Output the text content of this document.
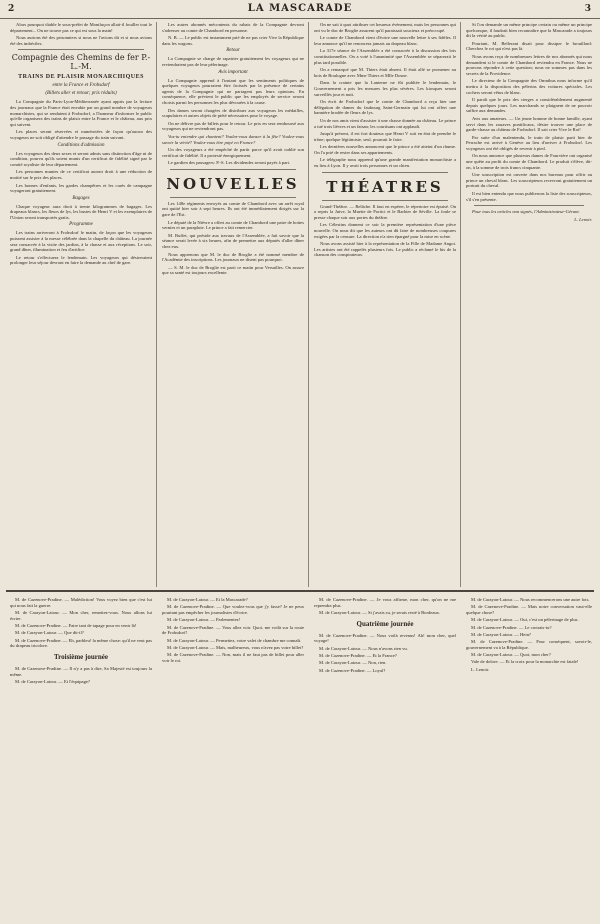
2	LA MASCARADE	3

Alors pourquoi diable le sous-préfet de Montluçon allait-il fouiller tout le département... On ne trouve pas ce qui est sous la main!

Nous aurions été des prisonniers si nous ne l'avions dit et si nous avions été des imbéciles.

Compagnie des Chemins de fer P.-L.-M.
TRAINS DE PLAISIR MONARCHIQUES
entre la France et Frohsdorf
(Billets aller et retour; prix réduits)

La Compagnie du Paris-Lyon-Méditerranée ayant appris par la lecture des journaux que la France était envahie par un grand nombre de voyageurs monarchistes, qui se rendaient à Frohsdorf, a l'honneur d'informer le public qu'elle organisera des trains de plaisir entre la France et le château, aux prix qui suivent.

Les places seront réservées et numérotées de façon qu'aucun des voyageurs ne soit obligé d'attendre le passage du train suivant.

Conditions d'admission

Les voyageurs des deux sexes et seront admis sans distinction d'âge ni de condition, pourvu qu'ils soient munis d'un certificat de fidélité signé par le comité royaliste de leur département.

Les personnes munies de ce certificat auront droit à une réduction de moitié sur le prix des places.

Les bonnes d'enfants, les gardes champêtres et les curés de campagne voyageront gratuitement.

Bagages

Chaque voyageur aura droit à trente kilogrammes de bagages. Les drapeaux blancs, les fleurs de lys, les bustes de Henri V et les exemplaires de l'Union seront transportés gratis.

Programme

Les trains arriveront à Frohsdorf le matin, de façon que les voyageurs puissent assister à la messe célébrée dans la chapelle du château. La journée sera consacrée à la visite des jardins, à la chasse et aux réceptions. Le soir, grand dîner, illumination et feu d'artifice.

Le retour s'effectuera le lendemain. Les voyageurs qui désireraient prolonger leur séjour devront en faire la demande au chef de gare.

Les autres abonnés mécontents du rabais de la Compagnie devront s'adresser au comte de Chambord en personne.

N. B. — Le public est instamment prié de ne pas crier Vive la République dans les wagons.

Retour

La Compagnie se charge de rapatrier gratuitement les voyageurs qui ne reviendraient pas de leur pèlerinage.

Avis important

La Compagnie apprend à l'instant que les sentiments politiques de quelques voyageurs pourraient être froissés par la présence de certains agents de la Compagnie qui ne partagent pas leurs opinions. En conséquence, elle prévient le public que les employés de service seront choisis parmi les personnes les plus dévouées à la cause.

Des dames seront chargées de distribuer aux voyageurs les médailles, scapulaires et autres objets de piété nécessaires pour le voyage.

On ne délivre pas de billets pour le retour. Le prix en sera remboursé aux voyageurs qui ne reviendront pas.

Vos-tu entendre qui chantent? Voulez-vous danser à la fête? Voulez-vous savoir la vérité? Voulez-vous être payé en France?

Un des voyageurs a été empêché de partir parce qu'il avait oublié son certificat de fidélité. Il a protesté énergiquement.

Le gardien des passagers: P.-S. Les dividendes seront payés à part.

NOUVELLES

Les 148e régiments envoyés au comte de Chambord avec un arrêt royal ont quitté hier soir à sept heures. Ils ont été immédiatement dirigés sur la gare de l'Est.

Le député de la Nièvre a offert au comte de Chambord une paire de bottes vernies et un parapluie. Le prince a fait remercier.

M. Buffet, qui préside aux travaux de l'Assemblée, a fait savoir que la séance serait levée à six heures, afin de permettre aux députés d'aller dîner chez eux.

Nous apprenons que M. le duc de Broglie a été nommé membre de l'Académie des inscriptions. Les journaux ne disent pas pourquoi.

— S. M. le duc de Broglie est parti ce matin pour Versailles. On assure que sa santé est toujours excellente.

On ne sait à quoi attribuer cet heureux événement, mais les personnes qui ont vu le duc de Broglie assurent qu'il paraissait soucieux et préoccupé.

Le comte de Chambord vient d'écrire une nouvelle lettre à ses fidèles. Il leur annonce qu'il ne renoncera jamais au drapeau blanc.

La 317e séance de l'Assemblée a été consacrée à la discussion des lois constitutionnelles. On a voté à l'unanimité que l'Assemblée se séparerait le plus tard possible.

On a remarqué que M. Thiers était absent. Il était allé se promener au bois de Boulogne avec Mme Thiers et Mlle Dosne.

Dans la crainte que la Lanterne ne fût publiée le lendemain, le Gouvernement a pris les mesures les plus sévères. Les kiosques seront surveillés jour et nuit.

On écrit de Frohsdorf que le comte de Chambord a reçu hier une délégation de dames du faubourg Saint-Germain qui lui ont offert une bannière brodée de fleurs de lys.

Un de nos amis vient d'assister à une chasse donnée au château. Le prince a tué trois lièvres et un faisan; les courtisans ont applaudi.

Jusqu'à présent, il est fort douteux que Henri V soit en état de prendre le trône; quelque légitimiste, seul, pourrait le faire.

Les dernières nouvelles annoncent que le prince a été atteint d'un rhume. On l'a prié de rester dans ses appartements.

Le télégraphe nous apprend qu'une grande manifestation monarchiste a eu lieu à Lyon. Il y avait trois personnes et un chien.

THÉATRES

Grand-Théâtre. — Relâche. Il faut en espérer, le répertoire est épuisé. On a repris la Juive, la Muette de Portici et le Barbier de Séville. La foule se presse chaque soir aux portes du théâtre.

Les Célestins donnent ce soir la première représentation d'une pièce nouvelle. On nous dit que les auteurs ont dû faire de nombreuses coupures exigées par la censure. La direction n'a rien épargné pour la mise en scène.

Nous avons assisté hier à la représentation de la Fille de Madame Angot. Les artistes ont été rappelés plusieurs fois. Le public a réclamé le bis de la chanson des conspirateurs.

Si l'on demande un même principe certain ou même un principe quelconque, il faudrait bien reconnaître que la Mascarade a toujours dit la vérité au public.

Pourtant, M. Bellerant disait pour dissiper le brouillard: Cherchez le roi qui n'est pas là.

Nous avons reçu de nombreuses lettres de nos abonnés qui nous demandent si le comte de Chambord reviendra en France. Nous ne pouvons répondre à cette question; nous ne sommes pas dans les secrets de la Providence.

Le directeur de la Compagnie des Omnibus nous informe qu'il mettra à la disposition des pèlerins des voitures spéciales. Les cochers seront vêtus de blanc.

Il paraît que le prix des cierges a considérablement augmenté depuis quelques jours. Les marchands se plaignent de ne pouvoir suffire aux demandes.

Avis aux amateurs. — Un jeune homme de bonne famille, ayant servi dans les zouaves pontificaux, désire trouver une place de garde-chasse au château de Frohsdorf. Il sait crier Vive le Roi!

Par suite d'un malentendu, le train de plaisir parti hier de Perrache est arrivé à Genève au lieu d'arriver à Frohsdorf. Les voyageurs ont été obligés de revenir à pied.

On nous annonce que plusieurs dames de Fourvière ont organisé une quête au profit du comte de Chambord. Le produit s'élève, dit-on, à la somme de trois francs cinquante.

Une souscription est ouverte dans nos bureaux pour offrir au prince un cheval blanc. Les souscripteurs recevront gratuitement un portrait du cheval.

Il est bien entendu que nous publierons la liste des souscripteurs, s'il s'en présente.

Pour tous les articles non signés, l'Administrateur-Gérant.

L. Lenoir.

M. de Cazenove-Pradine. — Malédiction! Vous voyez bien que c'est lui qui nous fait la guerre.

M. de Carayon-Latour. — Mon cher, remettez-vous. Nous allons lui écrire.

M. de Cazenove-Pradine. — Faire tant de tapage pour en venir là!

M. de Carayon-Latour. — Que dit-il?

M. de Cazenove-Pradine. — Eh, parbleu! la même chose: qu'il ne veut pas du drapeau tricolore.

Troisième journée

M. de Cazenove-Pradine. — Il n'y a pas à dire, Sa Majesté est toujours la même.

M. de Carayon-Latour. — Et l'équipage?

M. de Carayon-Latour. — Et la Mascarade?

M. de Cazenove-Pradine. — Que voulez-vous que j'y fasse? Je ne peux pourtant pas empêcher les journalistes d'écrire.

M. de Carayon-Latour. — Parlementez!

M. de Cazenove-Pradine. — Vous allez voir. Quoi, me voilà sur la route de Frohsdorf!

M. de Carayon-Latour. — Permettez, votre valet de chambre me connaît.

M. de Carayon-Latour. — Mais, malheureux, vous n'avez pas votre billet?

M. de Cazenove-Pradine. — Non, mais il ne faut pas de billet pour aller voir le roi.

M. de Cazenove-Pradine. — Je vous affirme, mon cher, qu'on ne me reprendra plus.

M. de Carayon-Latour. — Si j'avais su, je serais resté à Bordeaux.

Quatrième journée

M. de Cazenove-Pradine. — Nous voilà revenus! Ah! mon cher, quel voyage!

M. de Carayon-Latour. — Nous n'avons rien vu.

M. de Cazenove-Pradine. — Et la France?

M. de Carayon-Latour. — Non, rien.

M. de Cazenove-Pradine. — Loyal?

M. de Carayon-Latour. — Nous recommencerons une autre fois.

M. de Cazenove-Pradine. — Mais notre conversation vaut-elle quelque chose?

M. de Carayon-Latour. — Oui, c'est un pèlerinage de plus.

M. de Cazenove-Pradine. — Le croirais-tu?

M. de Carayon-Latour. — Hein?

M. de Cazenove-Pradine. — Pour conséquent, savoir-le, gouvernement va à la République.

M. de Carayon-Latour. — Quoi, mon cher?

Vale de dolore. — Et la croix pour la monarchie est fatale!

L. Lenoir.
